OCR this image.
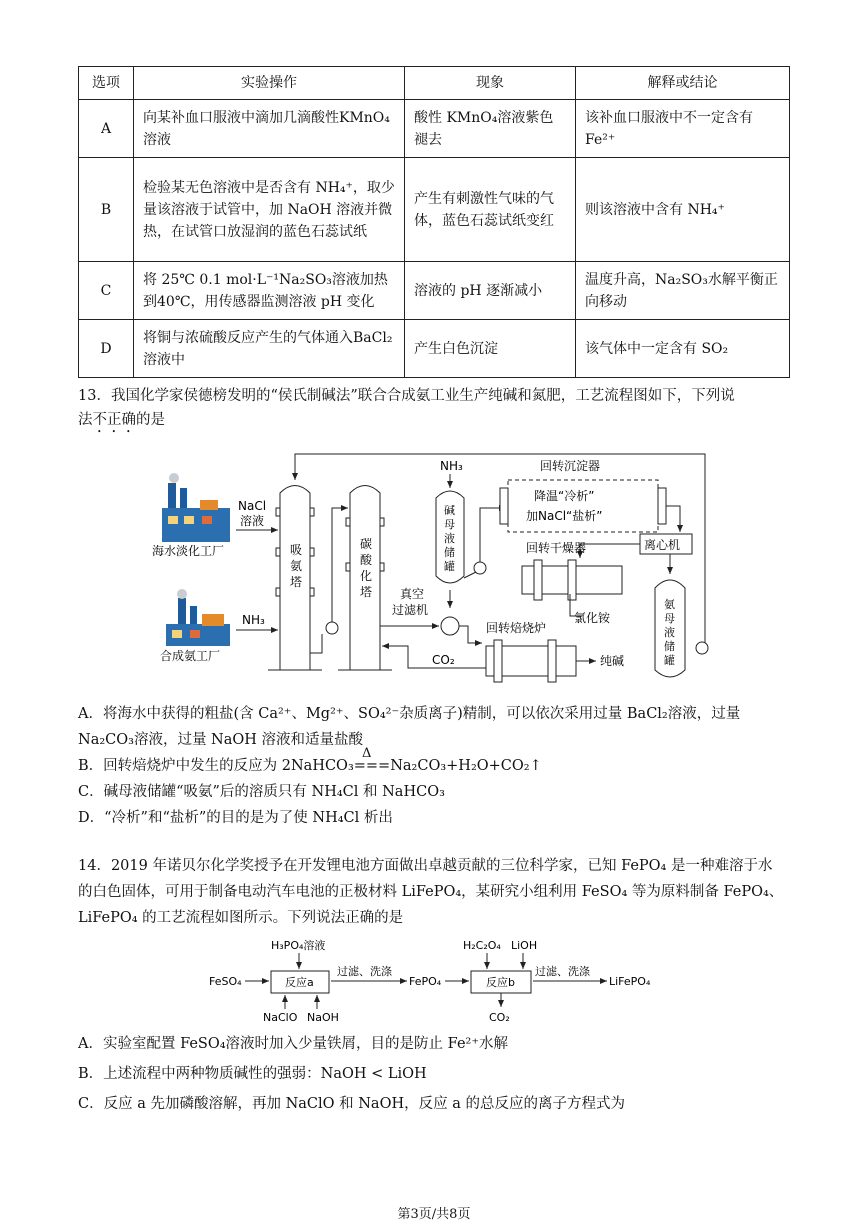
选项	实验操作	现象	解释或结论
A	向某补血口服液中滴加几滴酸性KMnO₄溶液	酸性 KMnO₄溶液紫色褪去	该补血口服液中不一定含有 Fe²⁺
B	检验某无色溶液中是否含有 NH₄⁺，取少量该溶液于试管中，加 NaOH 溶液并微热，在试管口放湿润的蓝色石蕊试纸	产生有刺激性气味的气体，蓝色石蕊试纸变红	则该溶液中含有 NH₄⁺
C	将 25℃ 0.1 mol·L⁻¹Na₂SO₃溶液加热到40℃，用传感器监测溶液 pH 变化	溶液的 pH 逐渐减小	温度升高，Na₂SO₃水解平衡正向移动
D	将铜与浓硫酸反应产生的气体通入BaCl₂溶液中	产生白色沉淀	该气体中一定含有 SO₂
13．我国化学家侯德榜发明的“侯氏制碱法”联合合成氨工业生产纯碱和氮肥，工艺流程图如下，下列说
法不正确的是
海水淡化工厂
合成氨工厂
NaCl
溶液
NH₃
吸
氨
塔
碳
酸
化
塔
NH₃
碱
母
液
储
罐
回转沉淀器
降温“冷析”
加NaCl“盐析”
离心机
回转干燥器
氯化铵
氨
母
液
储
罐
真空
过滤机
回转焙烧炉
纯碱
CO₂
A．将海水中获得的粗盐(含 Ca²⁺、Mg²⁺、SO₄²⁻杂质离子)精制，可以依次采用过量 BaCl₂溶液，过量
Na₂CO₃溶液，过量 NaOH 溶液和适量盐酸
Δ
B．回转焙烧炉中发生的反应为 2NaHCO₃===Na₂CO₃+H₂O+CO₂↑
C．碱母液储罐“吸氨”后的溶质只有 NH₄Cl 和 NaHCO₃
D．“冷析”和“盐析”的目的是为了使 NH₄Cl 析出
14．2019 年诺贝尔化学奖授予在开发锂电池方面做出卓越贡献的三位科学家，已知 FePO₄ 是一种难溶于水
的白色固体，可用于制备电动汽车电池的正极材料 LiFePO₄，某研究小组利用 FeSO₄ 等为原料制备 FePO₄、
LiFePO₄ 的工艺流程如图所示。下列说法正确的是
H₃PO₄溶液
FeSO₄	反应a
NaClO NaOH
过滤、洗涤
FePO₄
H₂C₂O₄ LiOH
反应b
CO₂
过滤、洗涤
LiFePO₄
A．实验室配置 FeSO₄溶液时加入少量铁屑，目的是防止 Fe²⁺水解
B．上述流程中两种物质碱性的强弱：NaOH < LiOH
C．反应 a 先加磷酸溶解，再加 NaClO 和 NaOH，反应 a 的总反应的离子方程式为
第3页/共8页
